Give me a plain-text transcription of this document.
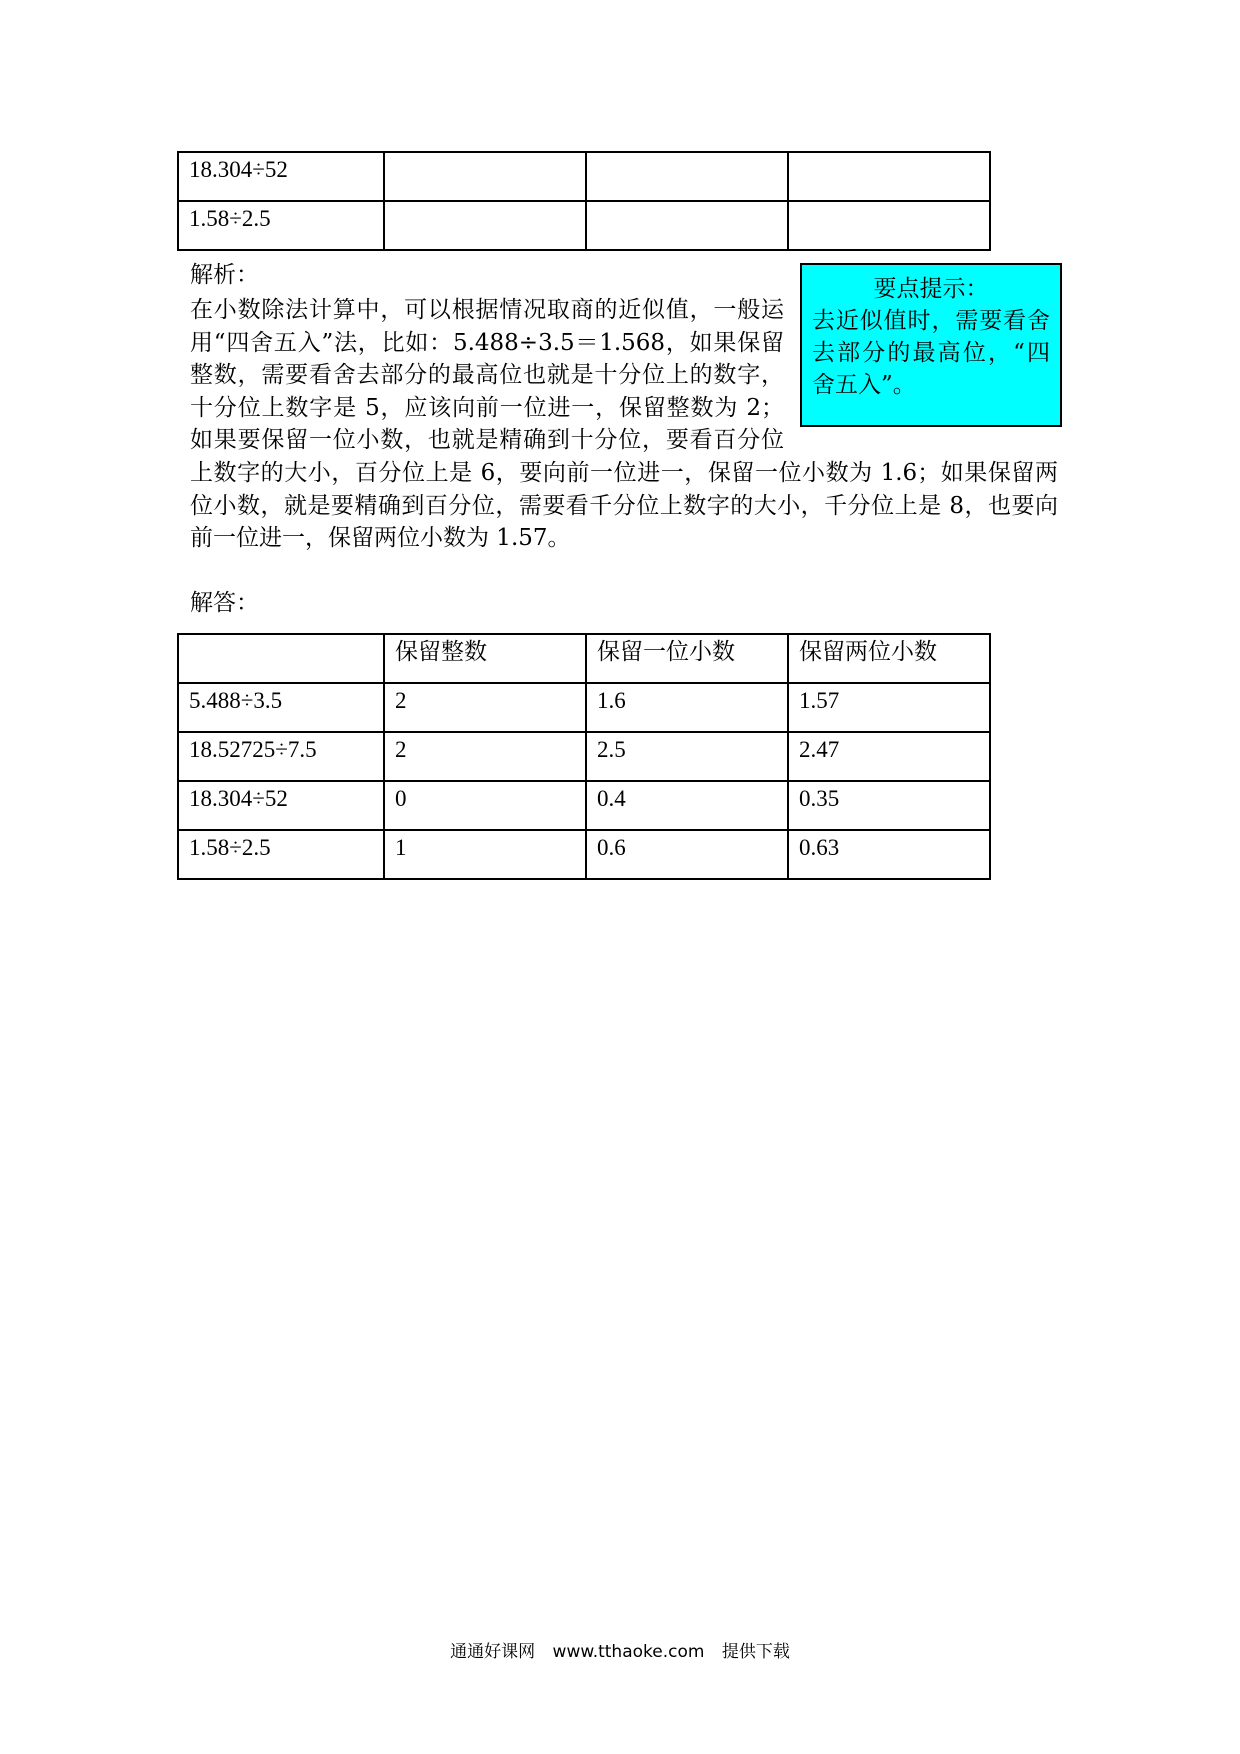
18.304÷52			
1.58÷2.5			
解析：
要点提示：
去近似值时，需要看舍去部分的最高位，“四舍五入”。
在小数除法计算中，可以根据情况取商的近似值，一般运用“四舍五入”法，比如：5.488÷3.5＝1.568，如果保留整数，需要看舍去部分的最高位也就是十分位上的数字，十分位上数字是 5，应该向前一位进一，保留整数为 2；如果要保留一位小数，也就是精确到十分位，要看百分位上数字的大小，百分位上是 6，要向前一位进一，保留一位小数为 1.6；如果保留两位小数，就是要精确到百分位，需要看千分位上数字的大小，千分位上是 8，也要向前一位进一，保留两位小数为 1.57。
解答：
	保留整数	保留一位小数	保留两位小数
5.488÷3.5	2	1.6	1.57
18.52725÷7.5	2	2.5	2.47
18.304÷52	0	0.4	0.35
1.58÷2.5	1	0.6	0.63
通通好课网 www.tthaoke.com 提供下载
